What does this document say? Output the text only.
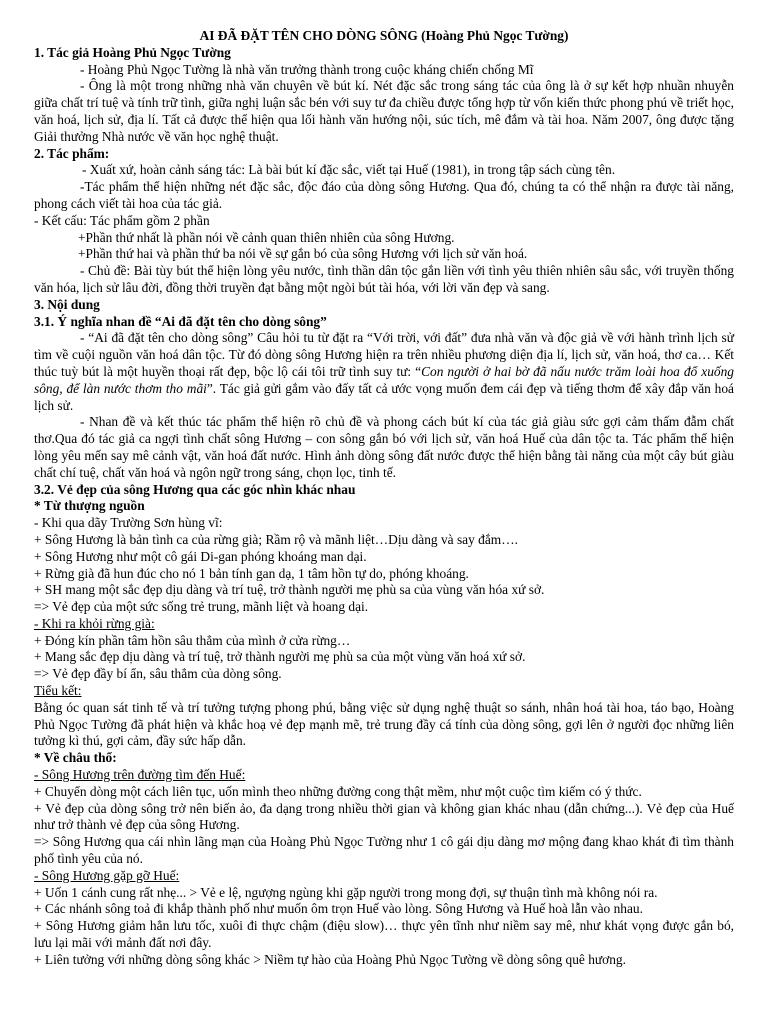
AI ĐÃ ĐẶT TÊN CHO DÒNG SÔNG (Hoàng Phủ Ngọc Tường)

1. Tác giả Hoàng Phủ Ngọc Tường

- Hoàng Phủ Ngọc Tường là nhà văn trưởng thành trong cuộc kháng chiến chống Mĩ

- Ông là một trong những nhà văn chuyên về bút kí. Nét đặc sắc trong sáng tác của ông là ở sự kết hợp nhuần nhuyễn giữa chất trí tuệ và tính trữ tình, giữa nghị luận sắc bén với suy tư đa chiều được tổng hợp từ vốn kiến thức phong phú về triết học, văn hoá, lịch sử, địa lí. Tất cả được thể hiện qua lối hành văn hướng nội, súc tích, mê đắm và tài hoa. Năm 2007, ông được tặng Giải thưởng Nhà nước về văn học nghệ thuật.

2. Tác phẩm:

- Xuất xứ, hoàn cảnh sáng tác: Là bài bút kí đặc sắc, viết tại Huế (1981), in trong tập sách cùng tên.

-Tác phẩm thể hiện những nét đặc sắc, độc đáo của dòng sông Hương. Qua đó, chúng ta có thể nhận ra được tài năng, phong cách viết tài hoa của tác giả.

- Kết cấu: Tác phẩm gồm 2 phần

+Phần thứ nhất là phần nói về cảnh quan thiên nhiên của sông Hương.

+Phần thứ hai và phần thứ ba nói về sự gắn bó của sông Hương với lịch sử văn hoá.

- Chủ đề: Bài tùy bút thể hiện lòng yêu nước, tình thần dân tộc gắn liền với tình yêu thiên nhiên sâu sắc, với truyền thống văn hóa, lịch sử lâu đời, đồng thời truyền đạt bằng một ngòi bút tài hóa, với lời văn đẹp và sang.

3. Nội dung

3.1. Ý nghĩa nhan đề “Ai đã đặt tên cho dòng sông”

- “Ai đã đặt tên cho dòng sông” Câu hỏi tu từ đặt ra “Với trời, với đất” đưa nhà văn và độc giả về với hành trình lịch sử tìm về cuội nguồn văn hoá dân tộc. Từ đó dòng sông Hương hiện ra trên nhiều phương diện địa lí, lịch sử, văn hoá, thơ ca… Kết thúc tuỳ bút là một huyền thoại rất đẹp, bộc lộ cái tôi trữ tình suy tư: “Con người ở hai bờ đã nấu nước trăm loài hoa đổ xuống sông, để làn nước thơm tho mãi”. Tác giả gửi gắm vào đấy tất cả ước vọng muốn đem cái đẹp và tiếng thơm để xây đắp văn hoá lịch sử.

- Nhan đề và kết thúc tác phẩm thể hiện rõ chủ đề và phong cách bút kí của tác giả giàu sức gợi cảm thấm đẫm chất thơ.Qua đó tác giả ca ngợi tình chất sông Hương – con sông gắn bó với lịch sử, văn hoá Huế của dân tộc ta. Tác phẩm thể hiện lòng yêu mến say mê cảnh vật, văn hoá đất nước. Hình ảnh dòng sông đất nước được thể hiện bằng tài năng của một cây bút giàu chất chí tuệ, chất văn hoá và ngôn ngữ trong sáng, chọn lọc, tinh tế.

3.2. Vẻ đẹp của sông Hương qua các góc nhìn khác nhau

* Từ thượng nguồn

- Khi qua dãy Trường Sơn hùng vĩ:

+ Sông Hương là bản tình ca của rừng già; Rầm rộ và mãnh liệt…Dịu dàng và say đắm….

+ Sông Hương như một cô gái Di-gan phóng khoáng man dại.

+ Rừng già đã hun đúc cho nó 1 bản tính gan dạ, 1 tâm hồn tự do, phóng khoáng.

+ SH mang một sắc đẹp dịu dàng và trí tuệ, trở thành người mẹ phù sa của vùng văn hóa xứ sở.

=> Vẻ đẹp của một sức sống trẻ trung, mãnh liệt và hoang dại.

- Khi ra khỏi rừng già:

+ Đóng kín phần tâm hồn sâu thẳm của mình ở cửa rừng…

+ Mang sắc đẹp dịu dàng và trí tuệ, trở thành người mẹ phù sa của một vùng văn hoá xứ sở.

=> Vẻ đẹp đầy bí ẩn, sâu thẳm của dòng sông.

Tiểu kết:

Bằng óc quan sát tinh tế và trí tưởng tượng phong phú, bằng việc sử dụng nghệ thuật so sánh, nhân hoá tài hoa, táo bạo, Hoàng Phủ Ngọc Tường đã phát hiện và khắc hoạ vẻ đẹp mạnh mẽ, trẻ trung đầy cá tính của dòng sông, gợi lên ở người đọc những liên tưởng kì thú, gợi cảm, đầy sức hấp dẫn.

* Về châu thổ:

- Sông Hương trên đường tìm đến Huế:

+ Chuyển dòng một cách liên tục, uốn mình theo những đường cong thật mềm, như một cuộc tìm kiếm có ý thức.

+ Vẻ đẹp của dòng sông trở nên biến ảo, đa dạng trong nhiều thời gian và không gian khác nhau (dẫn chứng...). Vẻ đẹp của Huế như trở thành vẻ đẹp của sông Hương.

=> Sông Hương qua cái nhìn lãng mạn của Hoàng Phủ Ngọc Tường như 1 cô gái dịu dàng mơ mộng đang khao khát đi tìm thành phố tình yêu của nó.

- Sông Hương gặp gỡ Huế:

+ Uốn 1 cánh cung rất nhẹ... > Vẻ e lệ, ngượng ngùng khi gặp người trong mong đợi, sự thuận tình mà không nói ra.

+ Các nhánh sông toả đi khắp thành phố như muốn ôm trọn Huế vào lòng. Sông Hương và Huế hoà lẫn vào nhau.

+ Sông Hương giảm hẳn lưu tốc, xuôi đi thực chậm (điệu slow)… thực yên tĩnh như niềm say mê, như khát vọng được gắn bó, lưu lại mãi với mảnh đất nơi đây.

+ Liên tưởng với những dòng sông khác > Niềm tự hào của Hoàng Phủ Ngọc Tường về dòng sông quê hương.
